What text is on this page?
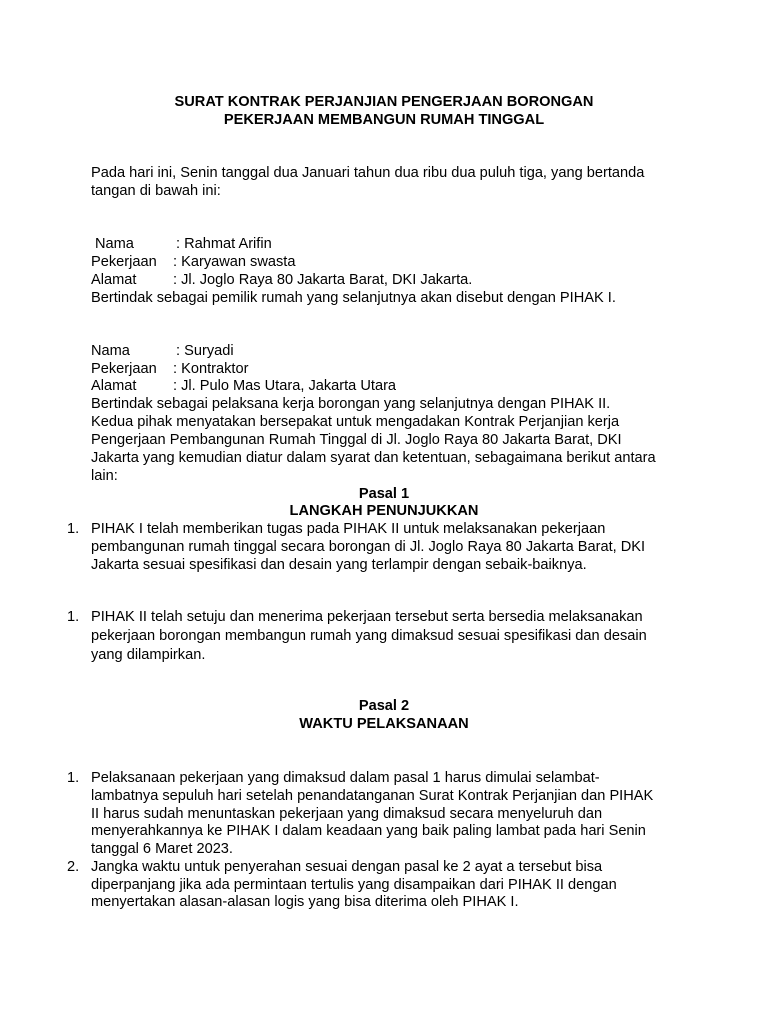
SURAT KONTRAK PERJANJIAN PENGERJAAN BORONGAN
PEKERJAAN MEMBANGUN RUMAH TINGGAL
Pada hari ini, Senin tanggal dua Januari tahun dua ribu dua puluh tiga, yang bertanda
tangan di bawah ini:
Nama	: Rahmat Arifin
Pekerjaan : Karyawan swasta
Alamat	: Jl. Joglo Raya 80 Jakarta Barat, DKI Jakarta.
Bertindak sebagai pemilik rumah yang selanjutnya akan disebut dengan PIHAK I.
Nama	: Suryadi
Pekerjaan : Kontraktor
Alamat	: Jl. Pulo Mas Utara, Jakarta Utara
Bertindak sebagai pelaksana kerja borongan yang selanjutnya dengan PIHAK II.
Kedua pihak menyatakan bersepakat untuk mengadakan Kontrak Perjanjian kerja
Pengerjaan Pembangunan Rumah Tinggal di Jl. Joglo Raya 80 Jakarta Barat, DKI
Jakarta yang kemudian diatur dalam syarat dan ketentuan, sebagaimana berikut antara
lain:
Pasal 1
LANGKAH PENUNJUKKAN
1. PIHAK I telah memberikan tugas pada PIHAK II untuk melaksanakan pekerjaan
pembangunan rumah tinggal secara borongan di Jl. Joglo Raya 80 Jakarta Barat, DKI
Jakarta sesuai spesifikasi dan desain yang terlampir dengan sebaik-baiknya.
1. PIHAK II telah setuju dan menerima pekerjaan tersebut serta bersedia melaksanakan
pekerjaan borongan membangun rumah yang dimaksud sesuai spesifikasi dan desain
yang dilampirkan.
Pasal 2
WAKTU PELAKSANAAN
1. Pelaksanaan pekerjaan yang dimaksud dalam pasal 1 harus dimulai selambat-
lambatnya sepuluh hari setelah penandatanganan Surat Kontrak Perjanjian dan PIHAK
II harus sudah menuntaskan pekerjaan yang dimaksud secara menyeluruh dan
menyerahkannya ke PIHAK I dalam keadaan yang baik paling lambat pada hari Senin
tanggal 6 Maret 2023.
2. Jangka waktu untuk penyerahan sesuai dengan pasal ke 2 ayat a tersebut bisa
diperpanjang jika ada permintaan tertulis yang disampaikan dari PIHAK II dengan
menyertakan alasan-alasan logis yang bisa diterima oleh PIHAK I.
